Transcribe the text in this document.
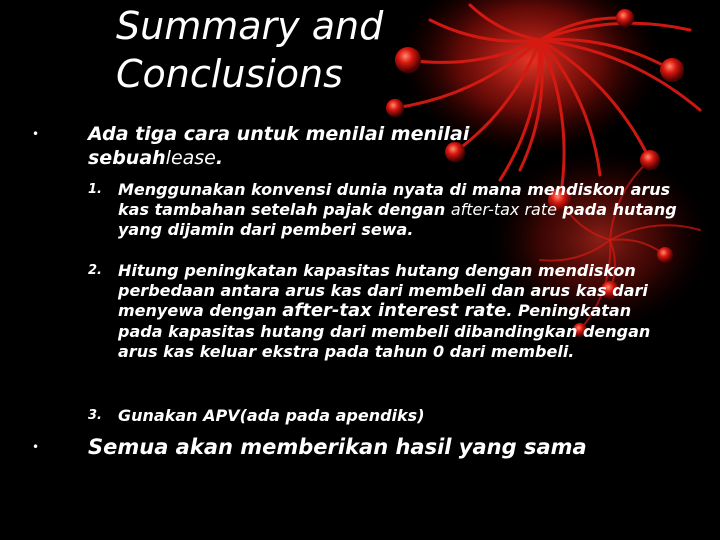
Summary and
Conclusions
•	Ada tiga cara untuk menilai menilai sebuahlease.
1. Menggunakan konvensi dunia nyata di mana mendiskon arus kas tambahan setelah pajak dengan after-tax rate pada hutang yang dijamin dari pemberi sewa.
2. Hitung peningkatan kapasitas hutang dengan mendiskon perbedaan antara arus kas dari membeli dan arus kas dari menyewa dengan after-tax interest rate. Peningkatan pada kapasitas hutang dari membeli dibandingkan dengan arus kas keluar ekstra pada tahun 0 dari membeli.
3. Gunakan APV(ada pada apendiks)
• Semua akan memberikan hasil yang sama
